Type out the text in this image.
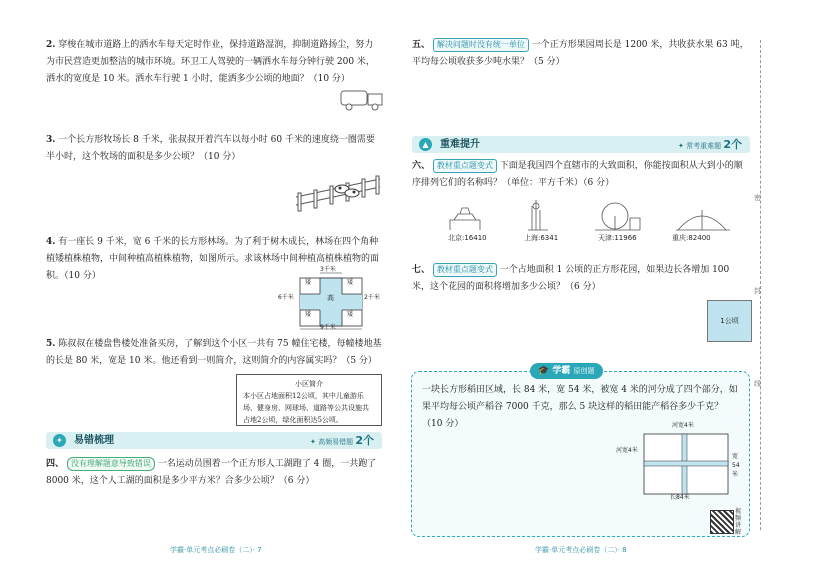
2. 穿梭在城市道路上的洒水车每天定时作业，保持道路湿润，抑制道路扬尘，努力为市民营造更加整洁的城市环境。环卫工人驾驶的一辆洒水车每分钟行驶 200 米，洒水的宽度是 10 米。洒水车行驶 1 小时，能洒多少公顷的地面？（10 分）

3. 一个长方形牧场长 8 千米，张叔叔开着汽车以每小时 60 千米的速度绕一圈需要半小时，这个牧场的面积是多少公顷？（10 分）

4. 有一座长 9 千米，宽 6 千米的长方形林场。为了利于树木成长，林场在四个角种植矮植株植物，中间种植高植株植物，如图所示。求该林场中间种植高植株植物的面积。（10 分）

3千米
6千米	2千米
9千米
高
矮	矮
矮	矮

5. 陈叔叔在楼盘售楼处准备买房，了解到这个小区一共有 75 幢住宅楼，每幢楼地基的长是 80 米，宽是 10 米。他还看到一则简介，这则简介的内容属实吗？（5 分）

小区简介
本小区占地面积12公顷，其中儿童游乐场、健身房、网球场、道路等公共设施共占地2公顷，绿化面积达5公顷。
✦	易错梳理	✦ 高频易错题 2个

四、 没有理解题意导致错误 一名运动员围着一个正方形人工湖跑了 4 圈，一共跑了 8000 米，这个人工湖的面积是多少平方米？合多少公顷？（6 分）

学霸·单元考点必刷卷（二）· 7

五、 解决问题时没有统一单位 一个正方形果园周长是 1200 米，共收获水果 63 吨，平均每公顷收获多少吨水果？（5 分）

▲	重难提升	✦ 常考重难题 2个

六、 教材重点题变式 下面是我国四个直辖市的大致面积，你能按面积从大到小的顺序排列它们的名称吗？（单位：平方千米）（6 分）

北京:16410	上海:6341	天津:11966	重庆:82400

七、 教材重点题变式 一个占地面积 1 公顷的正方形花园，如果边长各增加 100 米，这个花园的面积将增加多少公顷？（6 分）

1公顷
🎓 学霸 原创题

一块长方形稻田区域，长 84 米，宽 54 米，被宽 4 米的河分成了四个部分，如果平均每公顷产稻谷 7000 千克，那么 5 块这样的稻田能产稻谷多少千克？（10 分）	河宽4米
河宽4米
宽54米
长84米
视频讲解
学霸·单元考点必刷卷（二）· 8
密
封
线
